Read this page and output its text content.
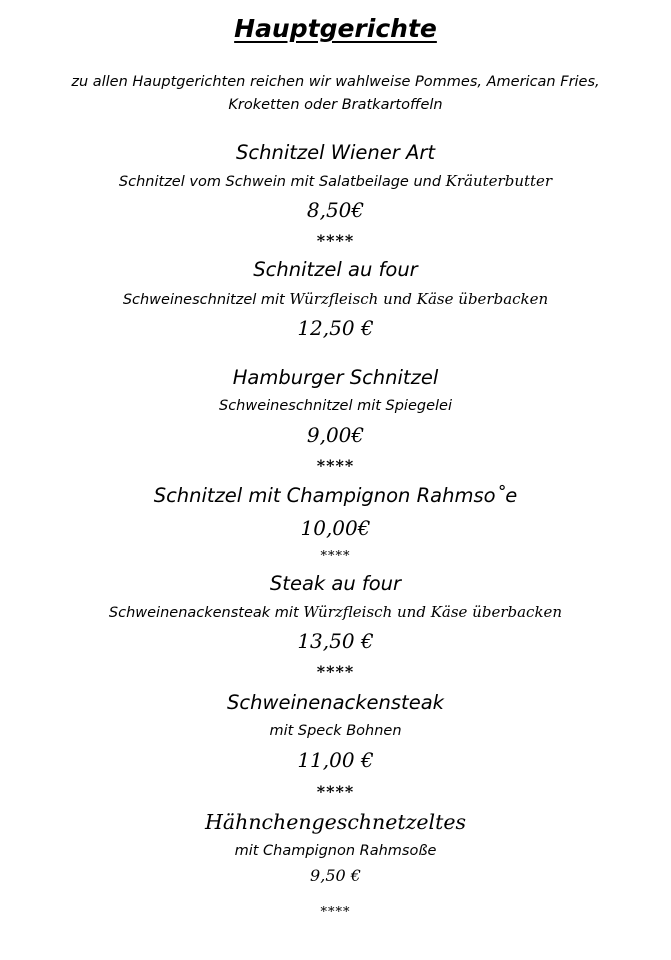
Hauptgerichte
zu allen Hauptgerichten reichen wir wahlweise Pommes, American Fries,
Kroketten oder Bratkartoffeln
Schnitzel Wiener Art
Schnitzel vom Schwein mit Salatbeilage und Kräuterbutter
8,50€
****
Schnitzel au four
Schweineschnitzel mit Würzfleisch und Käse überbacken
12,50 €
Hamburger Schnitzel
Schweineschnitzel mit Spiegelei
9,00€
****
Schnitzel mit Champignon Rahmso˚e
10,00€
****
Steak au four
Schweinenackensteak mit Würzfleisch und Käse überbacken
13,50 €
****
Schweinenackensteak
mit Speck Bohnen
11,00 €
****
Hähnchengeschnetzeltes
mit Champignon Rahmsoße
9,50 €
****
